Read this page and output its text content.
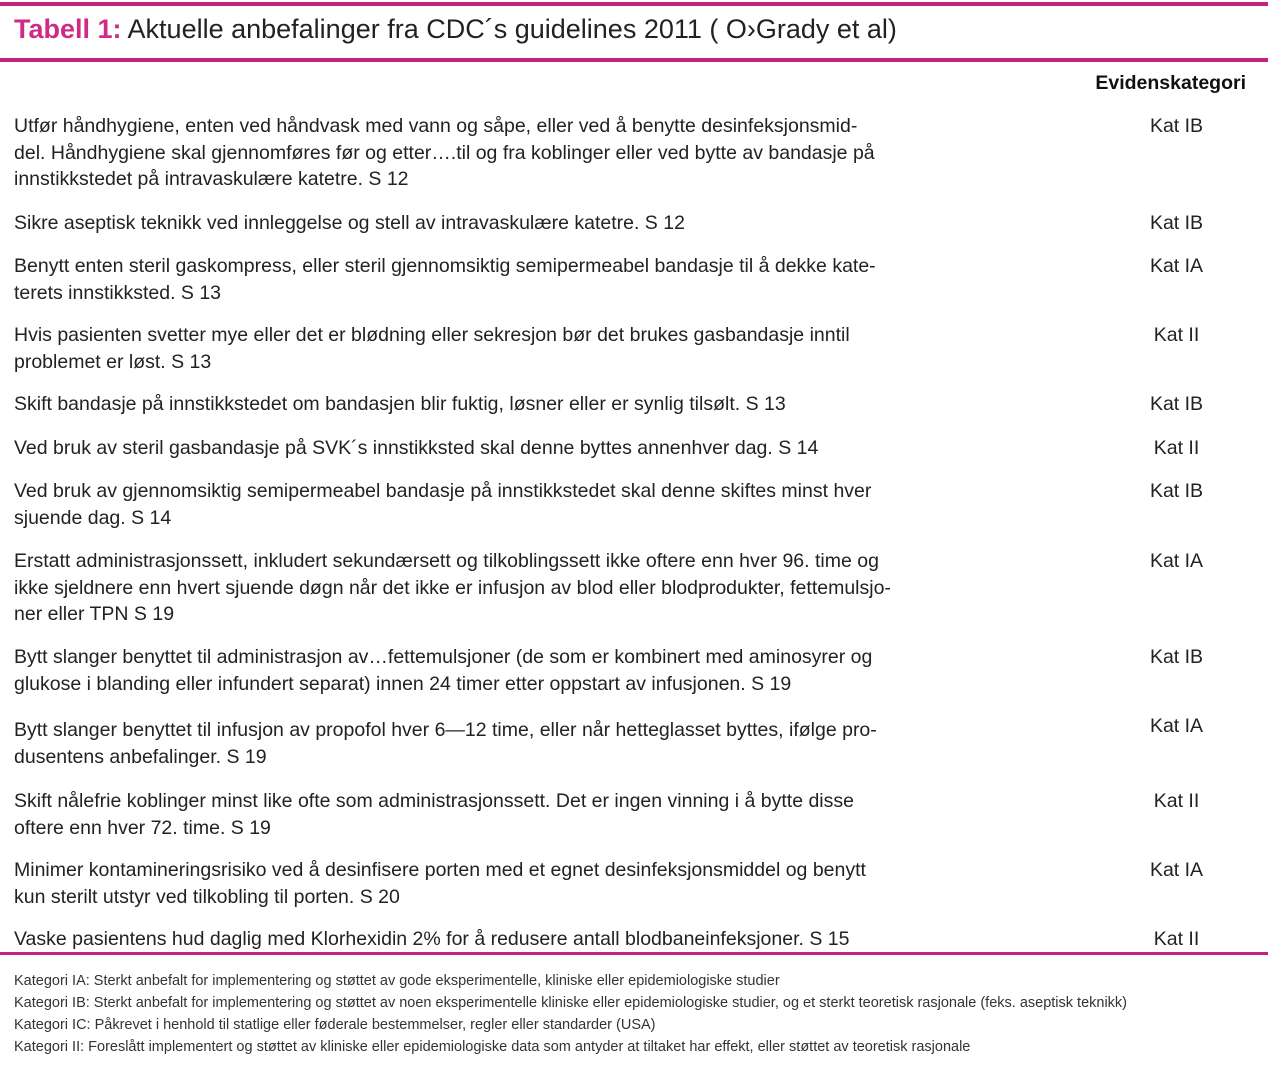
Tabell 1: Aktuelle anbefalinger fra CDC´s guidelines 2011 ( O›Grady et al)
Evidenskategori
Utfør håndhygiene, enten ved håndvask med vann og såpe, eller ved å benytte desinfeksjonsmid-
del. Håndhygiene skal gjennomføres før og etter….til og fra koblinger eller ved bytte av bandasje på
innstikkstedet på intravaskulære katetre. S 12
Kat IB
Sikre aseptisk teknikk ved innleggelse og stell av intravaskulære katetre. S 12	Kat IB
Benytt enten steril gaskompress, eller steril gjennomsiktig semipermeabel bandasje til å dekke kate-
terets innstikksted. S 13
Kat IA
Hvis pasienten svetter mye eller det er blødning eller sekresjon bør det brukes gasbandasje inntil
problemet er løst. S 13
Kat II
Skift bandasje på innstikkstedet om bandasjen blir fuktig, løsner eller er synlig tilsølt. S 13	Kat IB
Ved bruk av steril gasbandasje på SVK´s innstikksted skal denne byttes annenhver dag. S 14	Kat II
Ved bruk av gjennomsiktig semipermeabel bandasje på innstikkstedet skal denne skiftes minst hver
sjuende dag. S 14
Kat IB
Erstatt administrasjonssett, inkludert sekundærsett og tilkoblingssett ikke oftere enn hver 96. time og
ikke sjeldnere enn hvert sjuende døgn når det ikke er infusjon av blod eller blodprodukter, fettemulsjo-
ner eller TPN S 19
Kat IA
Bytt slanger benyttet til administrasjon av…fettemulsjoner (de som er kombinert med aminosyrer og
glukose i blanding eller infundert separat) innen 24 timer etter oppstart av infusjonen. S 19
Kat IB
Bytt slanger benyttet til infusjon av propofol hver 6—12 time, eller når hetteglasset byttes, ifølge pro-
dusentens anbefalinger. S 19
Kat IA
Skift nålefrie koblinger minst like ofte som administrasjonssett. Det er ingen vinning i å bytte disse
oftere enn hver 72. time. S 19
Kat II
Minimer kontamineringsrisiko ved å desinfisere porten med et egnet desinfeksjonsmiddel og benytt
kun sterilt utstyr ved tilkobling til porten. S 20
Kat IA
Vaske pasientens hud daglig med Klorhexidin 2% for å redusere antall blodbaneinfeksjoner. S 15	Kat II
Kategori IA: Sterkt anbefalt for implementering og støttet av gode eksperimentelle, kliniske eller epidemiologiske studier
Kategori IB: Sterkt anbefalt for implementering og støttet av noen eksperimentelle kliniske eller epidemiologiske studier, og et sterkt teoretisk rasjonale (feks. aseptisk teknikk)
Kategori IC: Påkrevet i henhold til statlige eller føderale bestemmelser, regler eller standarder (USA)
Kategori II: Foreslått implementert og støttet av kliniske eller epidemiologiske data som antyder at tiltaket har effekt, eller støttet av teoretisk rasjonale
